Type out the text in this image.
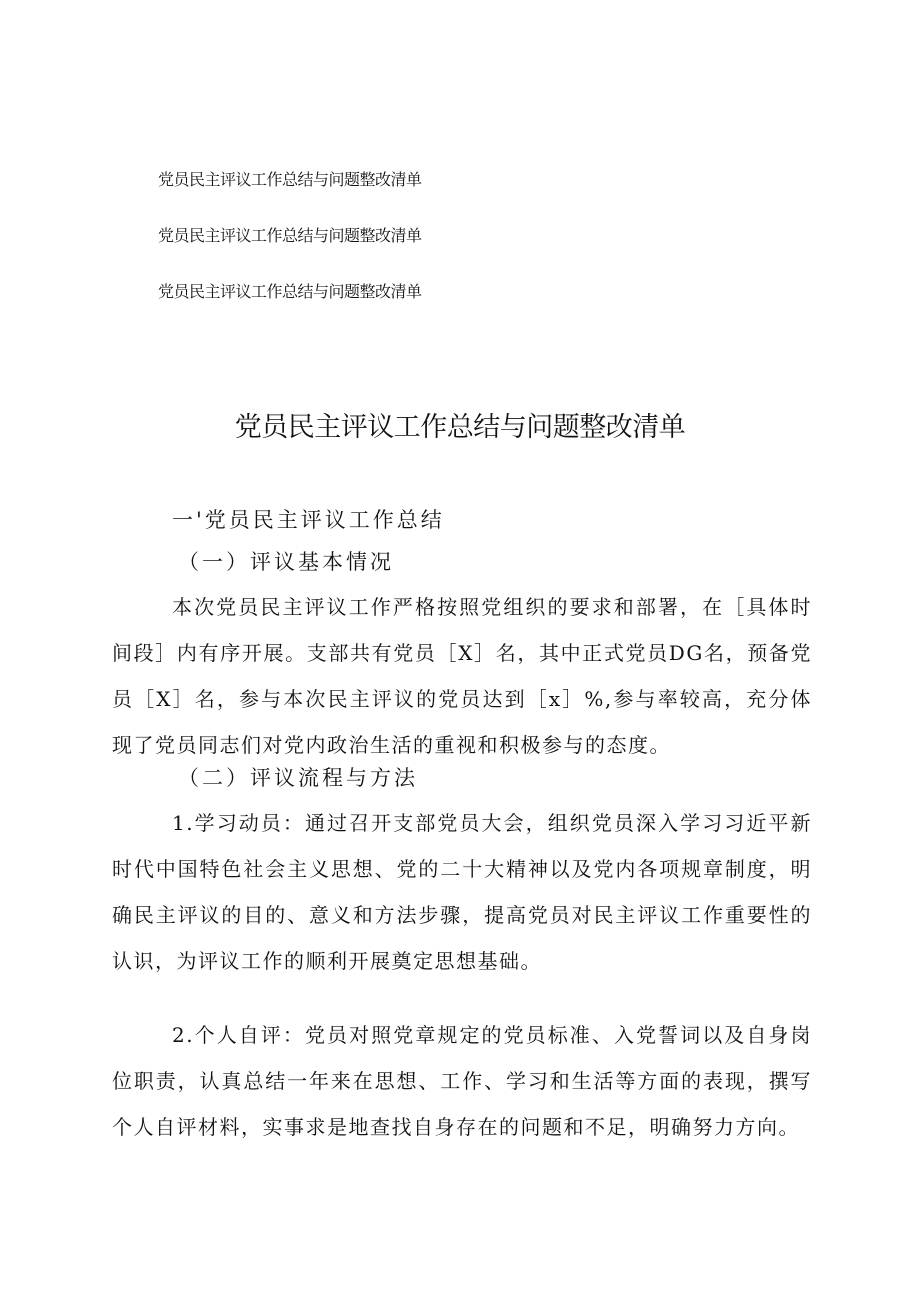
党员民主评议工作总结与问题整改清单
党员民主评议工作总结与问题整改清单
党员民主评议工作总结与问题整改清单
党员民主评议工作总结与问题整改清单
一'党员民主评议工作总结
（一）评议基本情况

本次党员民主评议工作严格按照党组织的要求和部署，在［具体时间段］内有序开展。支部共有党员［X］名，其中正式党员DG名，预备党员［X］名，参与本次民主评议的党员达到［x］%,参与率较高，充分体现了党员同志们对党内政治生活的重视和积极参与的态度。

（二）评议流程与方法

1.学习动员：通过召开支部党员大会，组织党员深入学习习近平新时代中国特色社会主义思想、党的二十大精神以及党内各项规章制度，明确民主评议的目的、意义和方法步骤，提高党员对民主评议工作重要性的认识，为评议工作的顺利开展奠定思想基础。

2.个人自评：党员对照党章规定的党员标准、入党誓词以及自身岗位职责，认真总结一年来在思想、工作、学习和生活等方面的表现，撰写个人自评材料，实事求是地查找自身存在的问题和不足，明确努力方向。
